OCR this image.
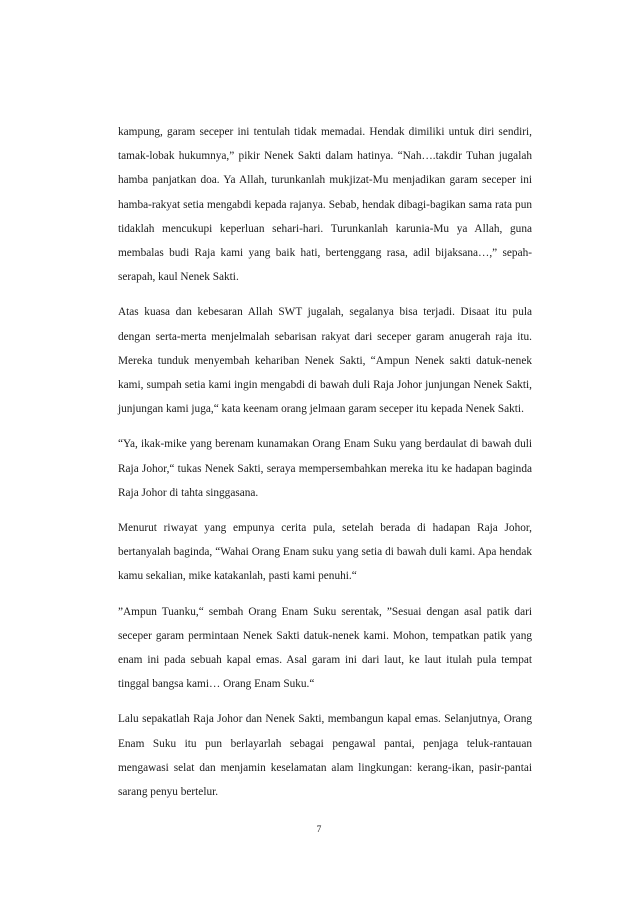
kampung, garam seceper ini tentulah tidak memadai. Hendak dimiliki untuk diri sendiri, tamak-lobak hukumnya,” pikir Nenek Sakti dalam hatinya. “Nah….takdir Tuhan jugalah hamba panjatkan doa. Ya Allah, turunkanlah mukjizat-Mu menjadikan garam seceper ini hamba-rakyat setia mengabdi kepada rajanya. Sebab, hendak dibagi-bagikan sama rata pun tidaklah mencukupi keperluan sehari-hari. Turunkanlah karunia-Mu ya Allah, guna membalas budi Raja kami yang baik hati, bertenggang rasa, adil bijaksana…,” sepah-serapah, kaul Nenek Sakti.

Atas kuasa dan kebesaran Allah SWT jugalah, segalanya bisa terjadi. Disaat itu pula dengan serta-merta menjelmalah sebarisan rakyat dari seceper garam anugerah raja itu. Mereka tunduk menyembah kehariban Nenek Sakti, “Ampun Nenek sakti datuk-nenek kami, sumpah setia kami ingin mengabdi di bawah duli Raja Johor junjungan Nenek Sakti, junjungan kami juga,“ kata keenam orang jelmaan garam seceper itu kepada Nenek Sakti.

“Ya, ikak-mike yang berenam kunamakan Orang Enam Suku yang berdaulat di bawah duli Raja Johor,“ tukas Nenek Sakti, seraya mempersembahkan mereka itu ke hadapan baginda Raja Johor di tahta singgasana.

Menurut riwayat yang empunya cerita pula, setelah berada di hadapan Raja Johor, bertanyalah baginda, “Wahai Orang Enam suku yang setia di bawah duli kami. Apa hendak kamu sekalian, mike katakanlah, pasti kami penuhi.“

”Ampun Tuanku,“ sembah Orang Enam Suku serentak, ”Sesuai dengan asal patik dari seceper garam permintaan Nenek Sakti datuk-nenek kami. Mohon, tempatkan patik yang enam ini pada sebuah kapal emas. Asal garam ini dari laut, ke laut itulah pula tempat tinggal bangsa kami… Orang Enam Suku.“

Lalu sepakatlah Raja Johor dan Nenek Sakti, membangun kapal emas. Selanjutnya, Orang Enam Suku itu pun berlayarlah sebagai pengawal pantai, penjaga teluk-rantauan mengawasi selat dan menjamin keselamatan alam lingkungan: kerang-ikan, pasir-pantai sarang penyu bertelur.

7
